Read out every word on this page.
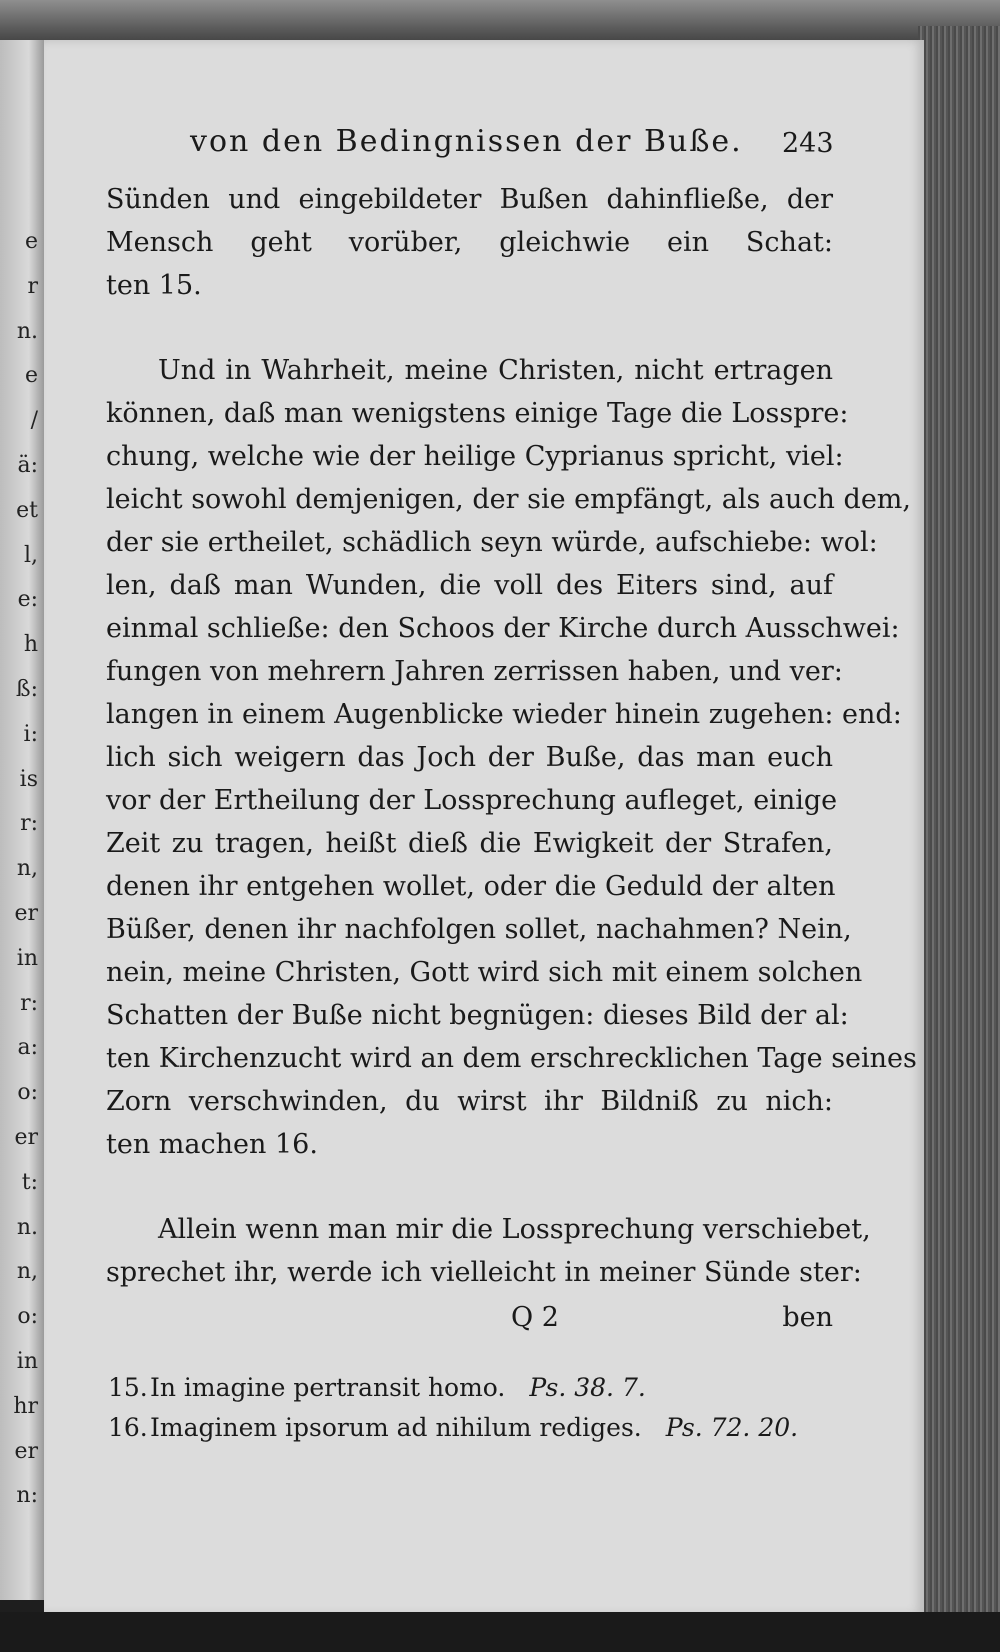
e
r
n.
e
/
ä:
et
l,
e:
h
ß:
i:
is
r:
n,
er
in
r:
a:
o:
er
t:
n.
n,
o:
in
hr
er
n:
von den Bedingnissen der Buße.	243
Sünden und eingebildeter Bußen dahinfließe, der
Mensch geht vorüber, gleichwie ein Schat:
ten 15.
Und in Wahrheit, meine Christen, nicht ertragen
können, daß man wenigstens einige Tage die Lossprе:
chung, welche wie der heilige Cyprianus spricht, viel:
leicht sowohl demjenigen, der sie empfängt, als auch dem,
der sie ertheilet, schädlich seyn würde, aufschiebe: wol:
len, daß man Wunden, die voll des Eiters sind, auf
einmal schließe: den Schoos der Kirche durch Ausschwei:
fungen von mehrern Jahren zerrissen haben, und ver:
langen in einem Augenblicke wieder hinein zugehen: end:
lich sich weigern das Joch der Buße, das man euch
vor der Ertheilung der Lossprechung aufleget, einige
Zeit zu tragen, heißt dieß die Ewigkeit der Strafen,
denen ihr entgehen wollet, oder die Geduld der alten
Büßer, denen ihr nachfolgen sollet, nachahmen? Nein,
nein, meine Christen, Gott wird sich mit einem solchen
Schatten der Buße nicht begnügen: dieses Bild der al:
ten Kirchenzucht wird an dem erschrecklichen Tage seines
Zorn verschwinden, du wirst ihr Bildniß zu nich:
ten machen 16.
Allein wenn man mir die Lossprechung verschiebet,
sprechet ihr, werde ich vielleicht in meiner Sünde ster:
Q 2	ben
15.In imagine pertransit homo. Ps. 38. 7.
16.Imaginem ipsorum ad nihilum rediges. Ps. 72. 20.
